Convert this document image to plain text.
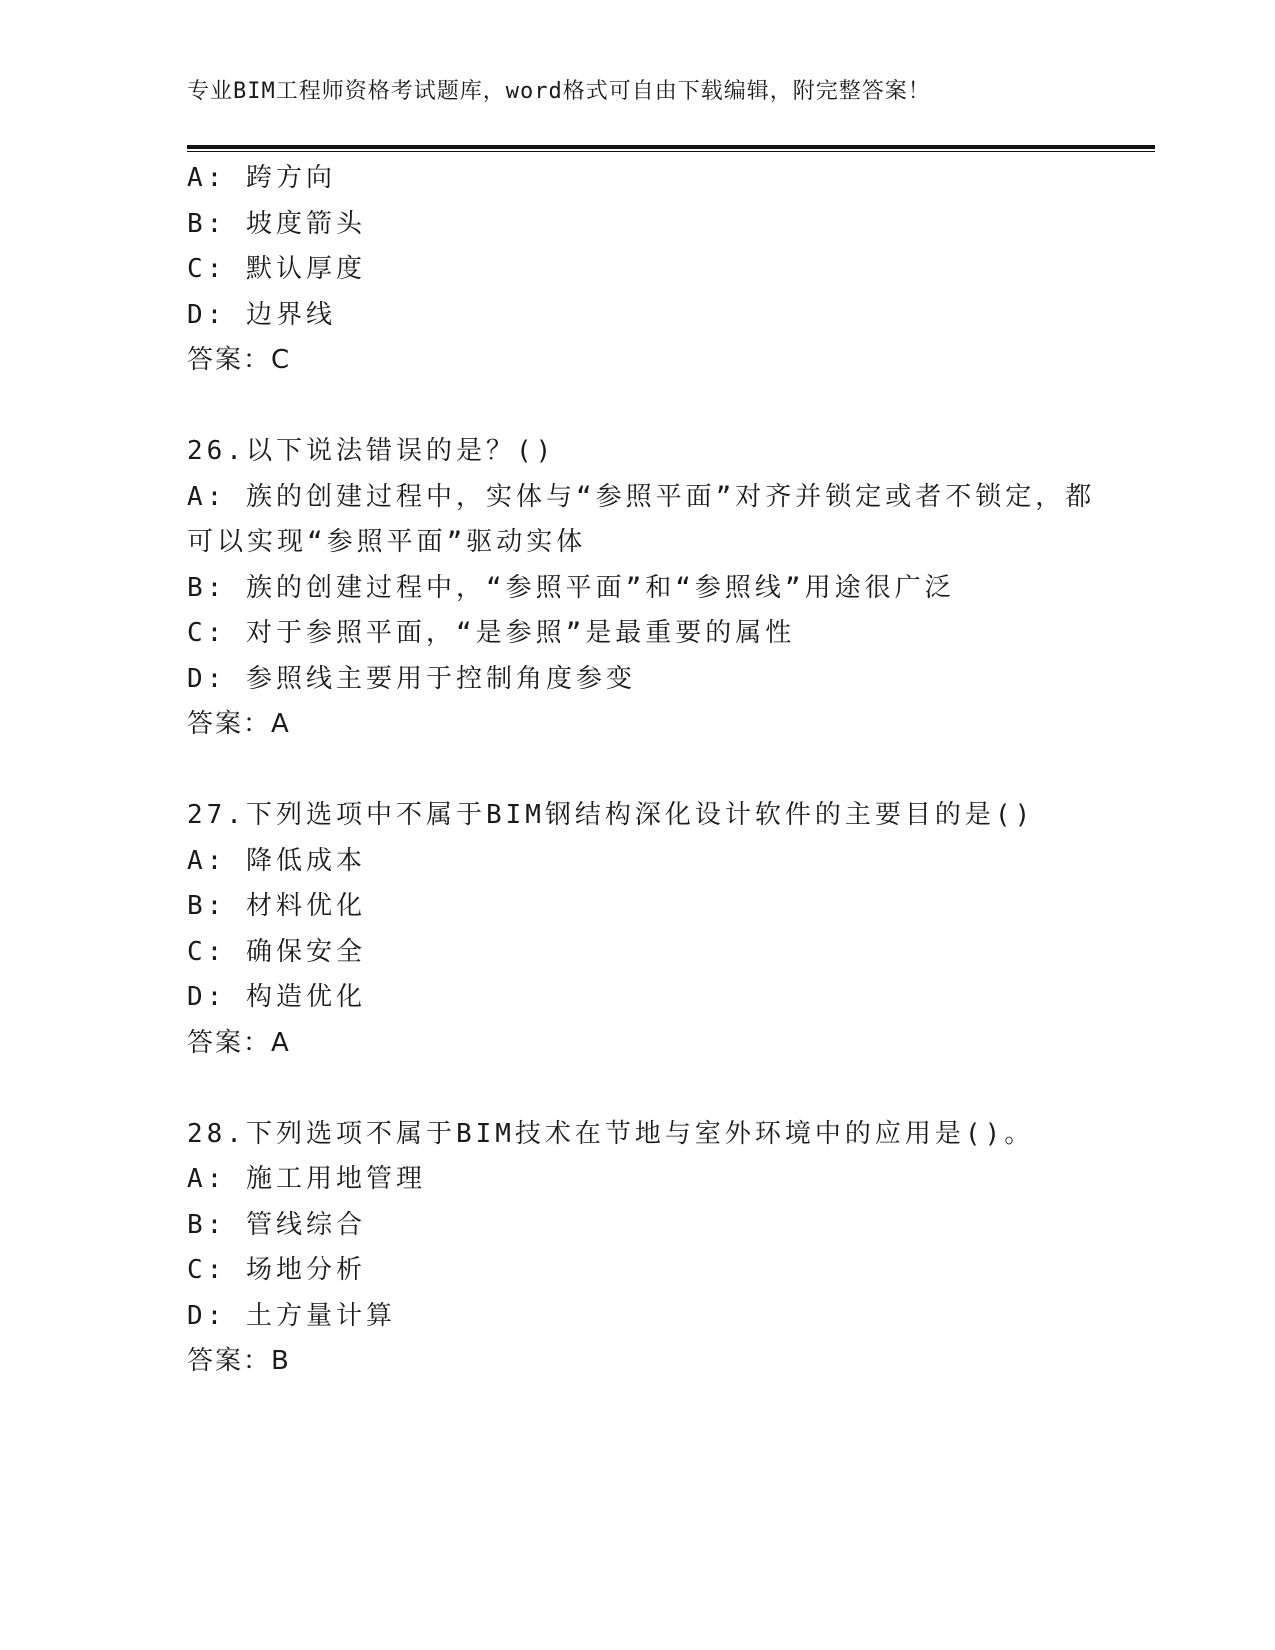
专业BIM工程师资格考试题库，word格式可自由下载编辑，附完整答案！
A: 跨方向
B: 坡度箭头
C: 默认厚度
D: 边界线
答案：C
26.以下说法错误的是？()
A: 族的创建过程中，实体与“参照平面”对齐并锁定或者不锁定，都
可以实现“参照平面”驱动实体
B: 族的创建过程中，“参照平面”和“参照线”用途很广泛
C: 对于参照平面，“是参照”是最重要的属性
D: 参照线主要用于控制角度参变
答案：A
27.下列选项中不属于BIM钢结构深化设计软件的主要目的是()
A: 降低成本
B: 材料优化
C: 确保安全
D: 构造优化
答案：A
28.下列选项不属于BIM技术在节地与室外环境中的应用是()。
A: 施工用地管理
B: 管线综合
C: 场地分析
D: 土方量计算
答案：B
